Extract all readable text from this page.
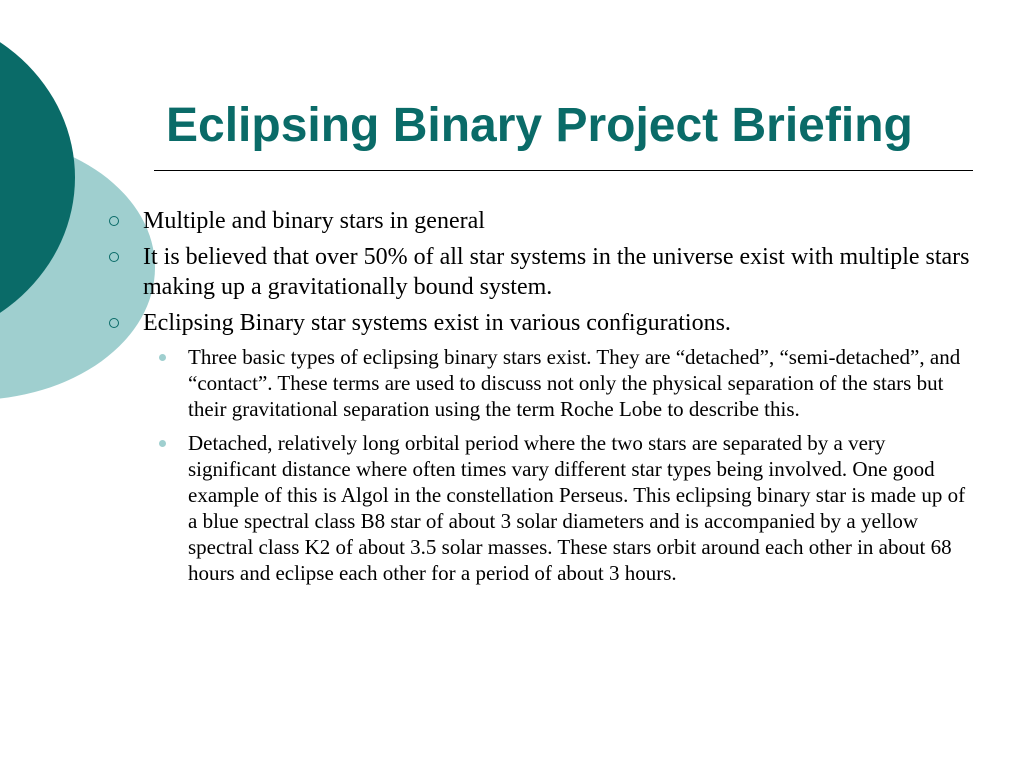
Eclipsing Binary Project Briefing
Multiple and binary stars in general
It is believed that over 50% of all star systems in the universe exist with multiple stars making up a gravitationally bound system.
Eclipsing Binary star systems exist in various configurations.
Three basic types of eclipsing binary stars exist. They are “detached”, “semi-detached”, and “contact”. These terms are used to discuss not only the physical separation of the stars but their gravitational separation using the term Roche Lobe to describe this.
Detached, relatively long orbital period where the two stars are separated by a very significant distance where often times vary different star types being involved. One good example of this is Algol in the constellation Perseus. This eclipsing binary star is made up of a blue spectral class B8 star of about 3 solar diameters and is accompanied by a yellow spectral class K2 of about 3.5 solar masses. These stars orbit around each other in about 68 hours and eclipse each other for a period of about 3 hours.
